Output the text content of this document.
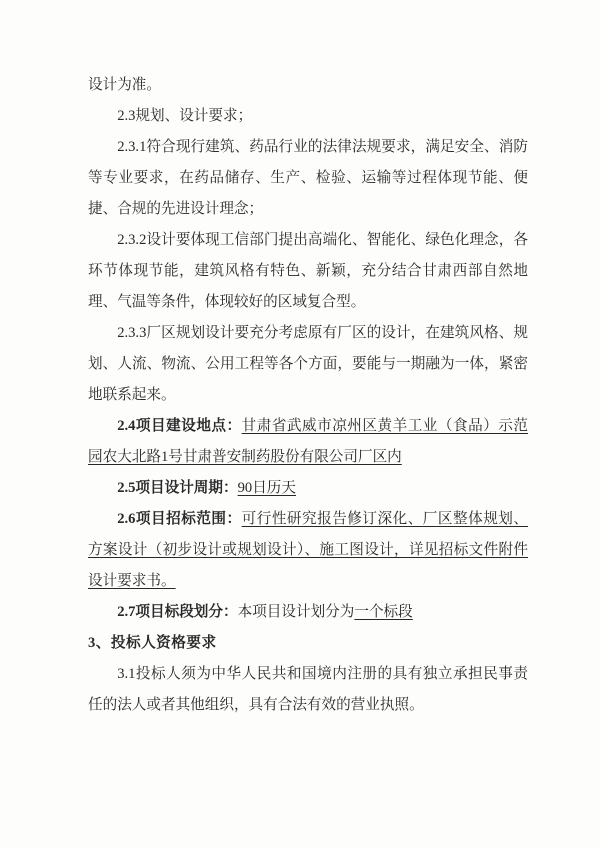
设计为准。

2.3规划、设计要求；

2.3.1符合现行建筑、药品行业的法律法规要求，满足安全、消防等专业要求，在药品储存、生产、检验、运输等过程体现节能、便捷、合规的先进设计理念；

2.3.2设计要体现工信部门提出高端化、智能化、绿色化理念，各环节体现节能，建筑风格有特色、新颖，充分结合甘肃西部自然地理、气温等条件，体现较好的区域复合型。

2.3.3厂区规划设计要充分考虑原有厂区的设计，在建筑风格、规划、人流、物流、公用工程等各个方面，要能与一期融为一体，紧密地联系起来。

2.4项目建设地点：甘肃省武威市凉州区黄羊工业（食品）示范园农大北路1号甘肃普安制药股份有限公司厂区内

2.5项目设计周期：90日历天

2.6项目招标范围：可行性研究报告修订深化、厂区整体规划、方案设计（初步设计或规划设计）、施工图设计，详见招标文件附件设计要求书。

2.7项目标段划分：本项目设计划分为一个标段

3、投标人资格要求

3.1投标人须为中华人民共和国境内注册的具有独立承担民事责任的法人或者其他组织，具有合法有效的营业执照。
